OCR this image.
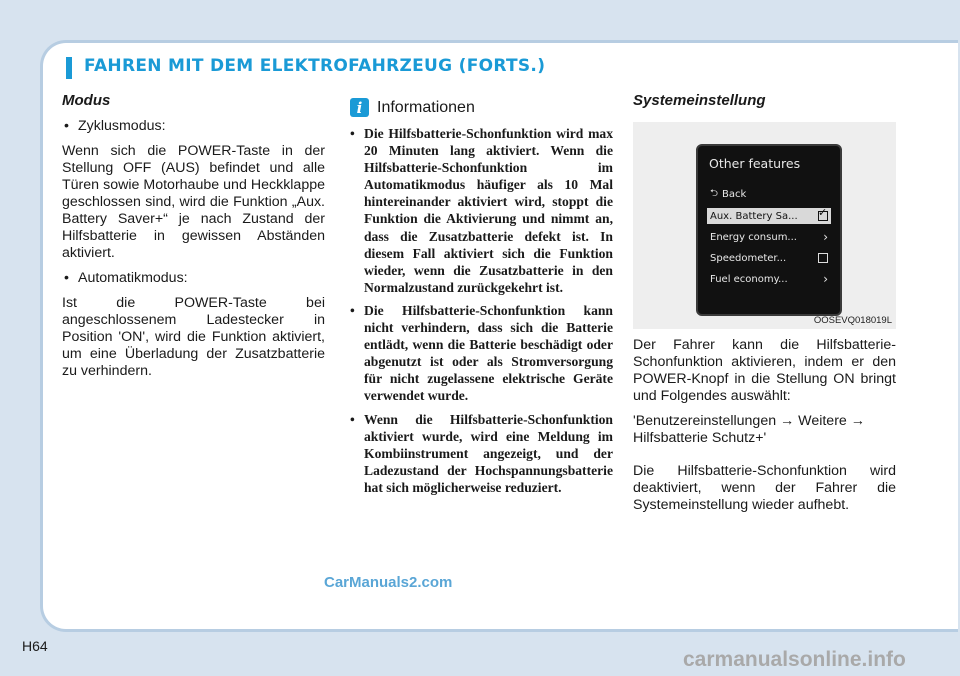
FAHREN MIT DEM ELEKTROFAHRZEUG (FORTS.)
Modus
• Zyklusmodus:

Wenn sich die POWER-Taste in der Stellung OFF (AUS) befindet und alle Türen sowie Motorhaube und Heckklappe geschlossen sind, wird die Funktion „Aux. Battery Saver+“ je nach Zustand der Hilfsbatterie in gewissen Abständen aktiviert.

• Automatikmodus:

Ist die POWER-Taste bei angeschlossenem Ladestecker in Position 'ON', wird die Funktion aktiviert, um eine Überladung der Zusatzbatterie zu verhindern.

i Informationen
• Die Hilfsbatterie-Schonfunktion wird max 20 Minuten lang aktiviert. Wenn die Hilfsbatterie-Schonfunktion im Automatikmodus häufiger als 10 Mal hintereinander aktiviert wird, stoppt die Funktion die Aktivierung und nimmt an, dass die Zusatzbatterie defekt ist. In diesem Fall aktiviert sich die Funktion wieder, wenn die Zusatzbatterie in den Normalzustand zurückgekehrt ist.
• Die Hilfsbatterie-Schonfunktion kann nicht verhindern, dass sich die Batterie entlädt, wenn die Batterie beschädigt oder abgenutzt ist oder als Stromversorgung für nicht zugelassene elektrische Geräte verwendet wurde.
• Wenn die Hilfsbatterie-Schonfunktion aktiviert wurde, wird eine Meldung im Kombiinstrument angezeigt, und der Ladezustand der Hochspannungsbatterie hat sich möglicherweise reduziert.
Systemeinstellung
Other features
⮌ Back
Aux. Battery Sa...
✓
Energy consum... ›
Speedometer...
Fuel economy...	›
OOSEVQ018019L

Der Fahrer kann die Hilfsbatterie-Schonfunktion aktivieren, indem er den POWER-Knopf in die Stellung ON bringt und Folgendes auswählt:

'Benutzereinstellungen → Weitere → Hilfsbatterie Schutz+'

Die Hilfsbatterie-Schonfunktion wird deaktiviert, wenn der Fahrer die Systemeinstellung wieder aufhebt.

H64
CarManuals2.com
carmanualsonline.info
